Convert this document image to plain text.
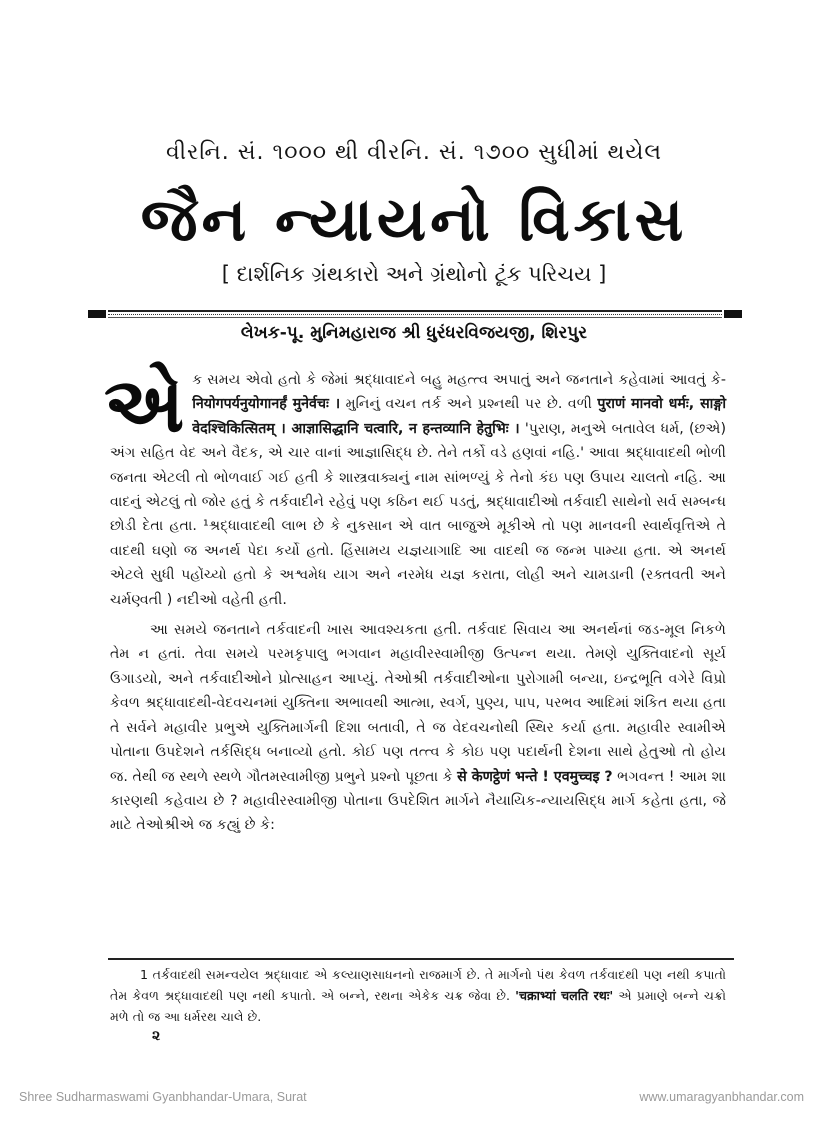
વીરનિ. સં. ૧૦૦૦ થી વીરનિ. સં. ૧૭૦૦ સુધીમાં થયેલ
જૈન ન્યાયનો વિકાસ
[ દાર્શનિક ગ્રંથકારો અને ગ્રંથોનો ટૂંક પરિચય ]
લેખક-પૂ. મુનિમહારાજ શ્રી ધુરંધરવિજયજી, શિરપુર

એ ક સમય એવો હતો કે જેમાં શ્રદ્ધાવાદને બહુ મહત્ત્વ અપાતું અને જનતાને કહેવામાં આવતું કે-नियोगपर्यनुयोगानर्हं मुनेर्वचः । મુનિનું વચન તર્ક અને પ્રશ્નથી પર છે. વળી पुराणं मानवो धर्मः, साङ्गो वेदश्चिकित्सितम् । आज्ञासिद्धानि चत्वारि, न हन्तव्यानि हेतुभिः । 'પુરાણ, મનુએ બતાવેલ ધર્મ, (છએ) અંગ સહિત વેદ અને વૈદક, એ ચાર વાનાં આજ્ઞાસિદ્ધ છે. તેને તર્કો વડે હણવાં નહિ.' આવા શ્રદ્ધાવાદથી ભોળી જનતા એટલી તો ભોળવાઈ ગઈ હતી કે શાસ્ત્રવાક્યનું નામ સાંભળ્યું કે તેનો કંઇ પણ ઉપાય ચાલતો નહિ. આ વાદનું એટલું તો જોર હતું કે તર્કવાદીને રહેવું પણ કઠિન થઈ પડતું, શ્રદ્ધાવાદીઓ તર્કવાદી સાથેનો સર્વ સમ્બન્ધ છોડી દેતા હતા. ¹શ્રદ્ધાવાદથી લાભ છે કે નુકસાન એ વાત બાજુએ મૂકીએ તો પણ માનવની સ્વાર્થવૃત્તિએ તે વાદથી ઘણો જ અનર્થ પેદા કર્યો હતો. હિંસામય યજ્ઞયાગાદિ આ વાદથી જ જન્મ પામ્યા હતા. એ અનર્થ એટલે સુધી પહોંચ્યો હતો કે અશ્વમેધ યાગ અને નરમેધ યજ્ઞ કરાતા, લોહી અને ચામડાની (રક્તવતી અને ચર્મણ્વતી ) નદીઓ વહેતી હતી.

આ સમયે જનતાને તર્કવાદની ખાસ આવશ્યકતા હતી. તર્કવાદ સિવાય આ અનર્થનાં જડ-મૂલ નિકળે તેમ ન હતાં. તેવા સમયે પરમકૃપાલુ ભગવાન મહાવીરસ્વામીજી ઉત્પન્ન થયા. તેમણે યુક્તિવાદનો સૂર્ય ઉગાડયો, અને તર્કવાદીઓને પ્રોત્સાહન આપ્યું. તેઓશ્રી તર્કવાદીઓના પુરોગામી બન્યા, ઇન્દ્રભૂતિ વગેરે વિપ્રો કેવળ શ્રદ્ધાવાદથી-વેદવચનમાં યુક્તિના અભાવથી આત્મા, સ્વર્ગ, પુણ્ય, પાપ, પરભવ આદિમાં શંકિત થયા હતા તે સર્વને મહાવીર પ્રભુએ યુક્તિમાર્ગની દિશા બતાવી, તે જ વેદવચનોથી સ્થિર કર્યા હતા. મહાવીર સ્વામીએ પોતાના ઉપદેશને તર્કસિદ્ધ બનાવ્યો હતો. કોઈ પણ તત્ત્વ કે કોઇ પણ પદાર્થની દેશના સાથે હેતુઓ તો હોય જ. તેથી જ સ્થળે સ્થળે ગૌતમસ્વામીજી પ્રભુને પ્રશ્નો પૂછતા કે से केणट्ठेणं भन्ते ! एवमुच्चइ ? ભગવન્ત ! આમ શા કારણથી કહેવાય છે ? મહાવીરસ્વામીજી પોતાના ઉપદેશિત માર્ગને નૈયાયિક-ન્યાયસિદ્ધ માર્ગ કહેતા હતા, જે માટે તેઓશ્રીએ જ કહ્યું છે કે:

1 તર્કવાદથી સમન્વયેલ શ્રદ્ધાવાદ એ કલ્યાણસાધનનો રાજમાર્ગ છે. તે માર્ગનો પંથ કેવળ તર્કવાદથી પણ નથી કપાતો તેમ કેવળ શ્રદ્ધાવાદથી પણ નથી કપાતો. એ બન્ને, રથના એકેક ચક્ર જેવા છે. 'चक्राभ्यां चलति रथः' એ પ્રમાણે બન્ને ચક્રો મળે તો જ આ ધર્મરથ ચાલે છે.

૨
Shree Sudharmaswami Gyanbhandar-Umara, Surat	www.umaragyanbhandar.com
